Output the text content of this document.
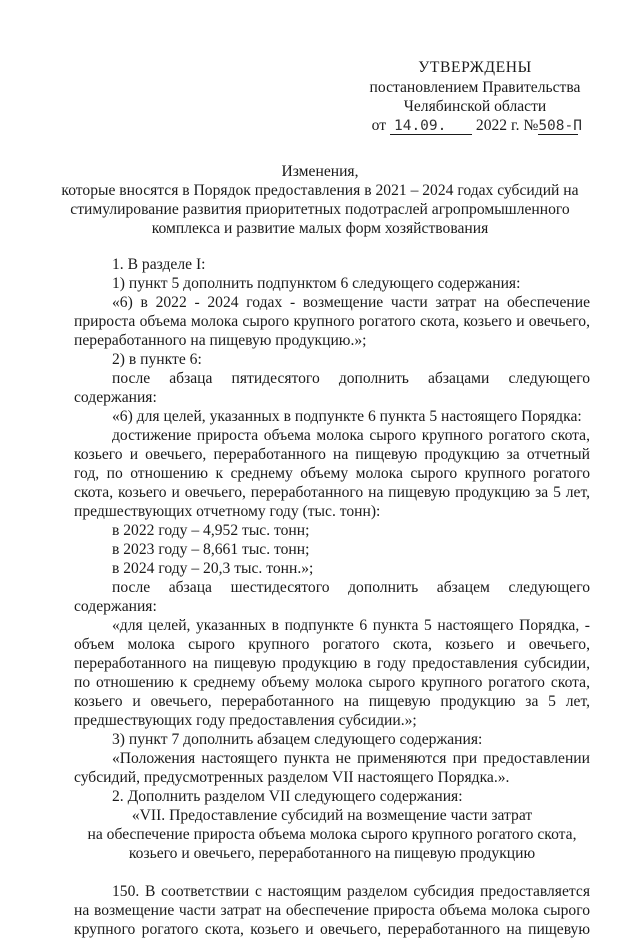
УТВЕРЖДЕНЫ
постановлением Правительства
Челябинской области
от 14.09. 2022 г. №508-П
Изменения,
которые вносятся в Порядок предоставления в 2021 – 2024 годах субсидий на
стимулирование развития приоритетных подотраслей агропромышленного
комплекса и развитие малых форм хозяйствования
1. В разделе I:
1) пункт 5 дополнить подпунктом 6 следующего содержания:
«6) в 2022 - 2024 годах - возмещение части затрат на обеспечение прироста объема молока сырого крупного рогатого скота, козьего и овечьего, переработанного на пищевую продукцию.»;
2) в пункте 6:
после абзаца пятидесятого дополнить абзацами следующего содержания:
«6) для целей, указанных в подпункте 6 пункта 5 настоящего Порядка:
достижение прироста объема молока сырого крупного рогатого скота, козьего и овечьего, переработанного на пищевую продукцию за отчетный год, по отношению к среднему объему молока сырого крупного рогатого скота, козьего и овечьего, переработанного на пищевую продукцию за 5 лет, предшествующих отчетному году (тыс. тонн):
в 2022 году – 4,952 тыс. тонн;
в 2023 году – 8,661 тыс. тонн;
в 2024 году – 20,3 тыс. тонн.»;
после абзаца шестидесятого дополнить абзацем следующего содержания:
«для целей, указанных в подпункте 6 пункта 5 настоящего Порядка, - объем молока сырого крупного рогатого скота, козьего и овечьего, переработанного на пищевую продукцию в году предоставления субсидии, по отношению к среднему объему молока сырого крупного рогатого скота, козьего и овечьего, переработанного на пищевую продукцию за 5 лет, предшествующих году предоставления субсидии.»;
3) пункт 7 дополнить абзацем следующего содержания:
«Положения настоящего пункта не применяются при предоставлении субсидий, предусмотренных разделом VII настоящего Порядка.».
2. Дополнить разделом VII следующего содержания:
«VII. Предоставление субсидий на возмещение части затрат
на обеспечение прироста объема молока сырого крупного рогатого скота,
козьего и овечьего, переработанного на пищевую продукцию
150. В соответствии с настоящим разделом субсидия предоставляется на возмещение части затрат на обеспечение прироста объема молока сырого крупного рогатого скота, козьего и овечьего, переработанного на пищевую
